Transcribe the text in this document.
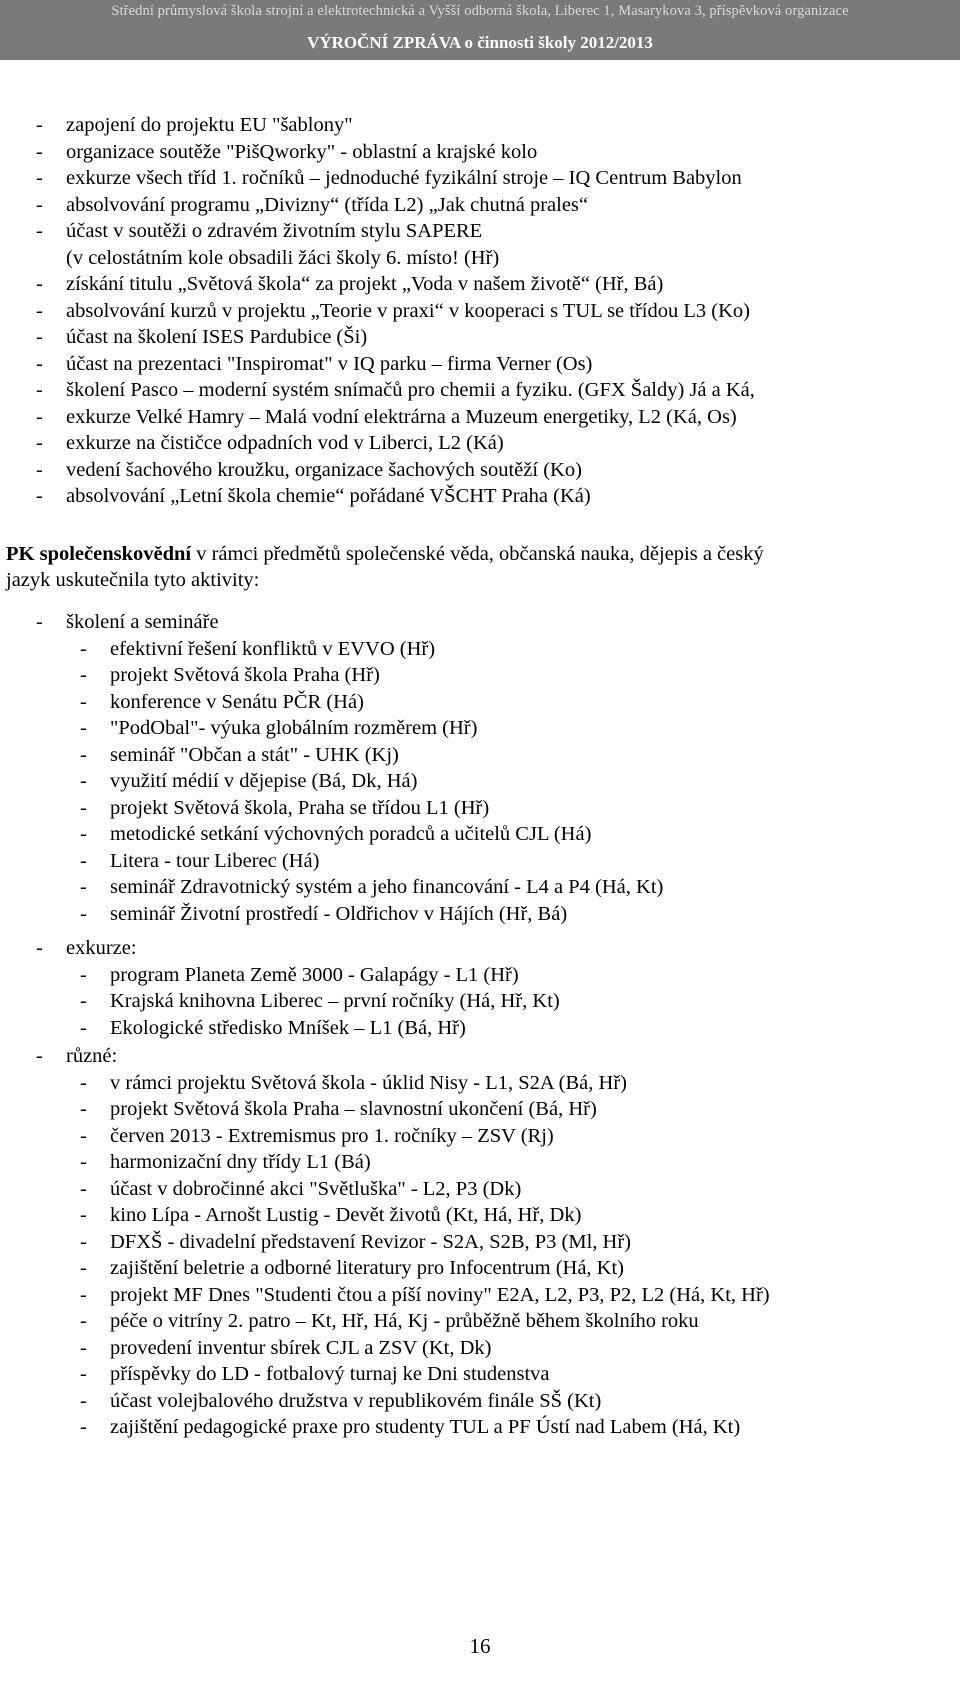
Střední průmyslová škola strojní a elektrotechnická a Vyšší odborná škola, Liberec 1, Masarykova 3, příspěvková organizace
VÝROČNÍ ZPRÁVA o činnosti školy 2012/2013
- zapojení do projektu EU "šablony"
- organizace soutěže "PišQworky" - oblastní a krajské kolo
- exkurze všech tříd 1. ročníků – jednoduché fyzikální stroje – IQ Centrum Babylon
- absolvování programu „Divizny“ (třída L2) „Jak chutná prales“
- účast v soutěži o zdravém životním stylu SAPERE
(v celostátním kole obsadili žáci školy 6. místo! (Hř)
- získání titulu „Světová škola“ za projekt „Voda v našem životě“ (Hř, Bá)
- absolvování kurzů v projektu „Teorie v praxi“ v kooperaci s TUL se třídou L3 (Ko)
- účast na školení ISES Pardubice (Ši)
- účast na prezentaci "Inspiromat" v IQ parku – firma Verner (Os)
- školení Pasco – moderní systém snímačů pro chemii a fyziku. (GFX Šaldy) Já a Ká,
- exkurze Velké Hamry – Malá vodní elektrárna a Muzeum energetiky, L2 (Ká, Os)
- exkurze na čističce odpadních vod v Liberci, L2 (Ká)
- vedení šachového kroužku, organizace šachových soutěží (Ko)
- absolvování „Letní škola chemie“ pořádané VŠCHT Praha (Ká)
PK společenskovědní v rámci předmětů společenské věda, občanská nauka, dějepis a český
jazyk uskutečnila tyto aktivity:
- školení a semináře
- efektivní řešení konfliktů v EVVO (Hř)
- projekt Světová škola Praha (Hř)
- konference v Senátu PČR (Há)
- "PodObal"- výuka globálním rozměrem (Hř)
- seminář "Občan a stát" - UHK (Kj)
- využití médií v dějepise (Bá, Dk, Há)
- projekt Světová škola, Praha se třídou L1 (Hř)
- metodické setkání výchovných poradců a učitelů CJL (Há)
- Litera - tour Liberec (Há)
- seminář Zdravotnický systém a jeho financování - L4 a P4 (Há, Kt)
- seminář Životní prostředí - Oldřichov v Hájích (Hř, Bá)
- exkurze:
- program Planeta Země 3000 - Galapágy - L1 (Hř)
- Krajská knihovna Liberec – první ročníky (Há, Hř, Kt)
- Ekologické středisko Mníšek – L1 (Bá, Hř)
- různé:
- v rámci projektu Světová škola - úklid Nisy - L1, S2A (Bá, Hř)
- projekt Světová škola Praha – slavnostní ukončení (Bá, Hř)
- červen 2013 - Extremismus pro 1. ročníky – ZSV (Rj)
- harmonizační dny třídy L1 (Bá)
- účast v dobročinné akci "Světluška" - L2, P3 (Dk)
- kino Lípa - Arnošt Lustig - Devět životů (Kt, Há, Hř, Dk)
- DFXŠ - divadelní představení Revizor - S2A, S2B, P3 (Ml, Hř)
- zajištění beletrie a odborné literatury pro Infocentrum (Há, Kt)
- projekt MF Dnes "Studenti čtou a píší noviny" E2A, L2, P3, P2, L2 (Há, Kt, Hř)
- péče o vitríny 2. patro – Kt, Hř, Há, Kj - průběžně během školního roku
- provedení inventur sbírek CJL a ZSV (Kt, Dk)
- příspěvky do LD - fotbalový turnaj ke Dni studenstva
- účast volejbalového družstva v republikovém finále SŠ (Kt)
- zajištění pedagogické praxe pro studenty TUL a PF Ústí nad Labem (Há, Kt)
16
